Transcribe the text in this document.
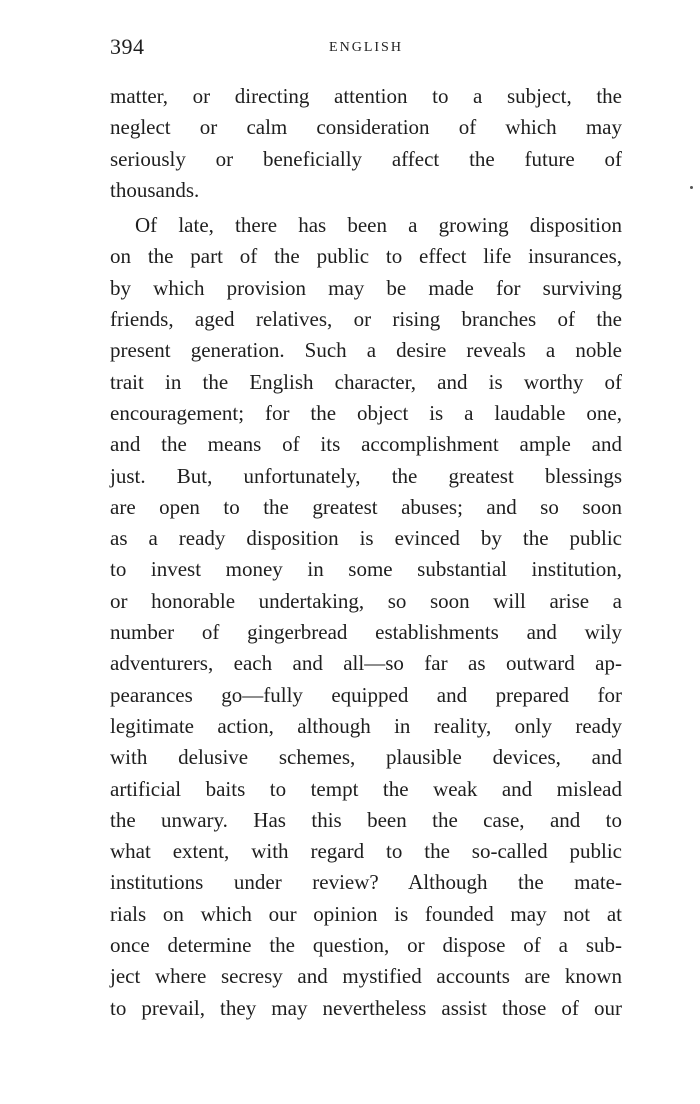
394	ENGLISH
matter, or directing attention to a subject, the
neglect or calm consideration of which may
seriously or beneficially affect the future of
thousands.
Of late, there has been a growing disposition
on the part of the public to effect life insurances,
by which provision may be made for surviving
friends, aged relatives, or rising branches of the
present generation. Such a desire reveals a noble
trait in the English character, and is worthy of
encouragement; for the object is a laudable one,
and the means of its accomplishment ample and
just. But, unfortunately, the greatest blessings
are open to the greatest abuses; and so soon
as a ready disposition is evinced by the public
to invest money in some substantial institution,
or honorable undertaking, so soon will arise a
number of gingerbread establishments and wily
adventurers, each and all—so far as outward ap-
pearances go—fully equipped and prepared for
legitimate action, although in reality, only ready
with delusive schemes, plausible devices, and
artificial baits to tempt the weak and mislead
the unwary. Has this been the case, and to
what extent, with regard to the so-called public
institutions under review? Although the mate-
rials on which our opinion is founded may not at
once determine the question, or dispose of a sub-
ject where secresy and mystified accounts are known
to prevail, they may nevertheless assist those of our
